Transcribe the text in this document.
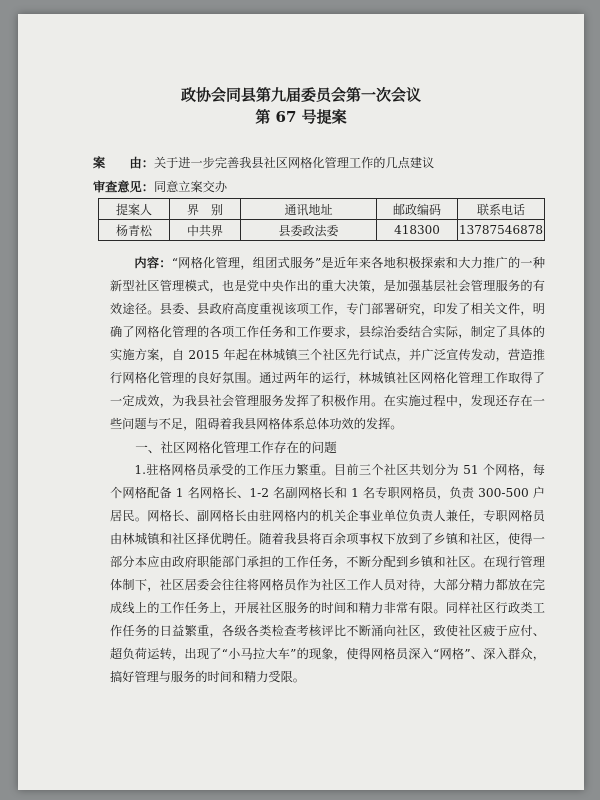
政协会同县第九届委员会第一次会议
第 67 号提案
案　　由：关于进一步完善我县社区网格化管理工作的几点建议
审查意见：同意立案交办
提案人	界　别	通讯地址	邮政编码	联系电话
杨青松	中共界	县委政法委	418300	13787546878

内容：“网格化管理，组团式服务”是近年来各地积极探索和大力推广的一种新型社区管理模式，也是党中央作出的重大决策，是加强基层社会管理服务的有效途径。县委、县政府高度重视该项工作，专门部署研究，印发了相关文件，明确了网格化管理的各项工作任务和工作要求，县综治委结合实际，制定了具体的实施方案，自 2015 年起在林城镇三个社区先行试点，并广泛宣传发动，营造推行网格化管理的良好氛围。通过两年的运行，林城镇社区网格化管理工作取得了一定成效，为我县社会管理服务发挥了积极作用。在实施过程中，发现还存在一些问题与不足，阻碍着我县网格体系总体功效的发挥。

一、社区网格化管理工作存在的问题

1.驻格网格员承受的工作压力繁重。目前三个社区共划分为 51 个网格，每个网格配备 1 名网格长、1-2 名副网格长和 1 名专职网格员，负责 300-500 户居民。网格长、副网格长由驻网格内的机关企事业单位负责人兼任，专职网格员由林城镇和社区择优聘任。随着我县将百余项事权下放到了乡镇和社区，使得一部分本应由政府职能部门承担的工作任务，不断分配到乡镇和社区。在现行管理体制下，社区居委会往往将网格员作为社区工作人员对待，大部分精力都放在完成线上的工作任务上，开展社区服务的时间和精力非常有限。同样社区行政类工作任务的日益繁重，各级各类检查考核评比不断涌向社区，致使社区疲于应付、超负荷运转，出现了“小马拉大车”的现象，使得网格员深入“网格”、深入群众，搞好管理与服务的时间和精力受限。
